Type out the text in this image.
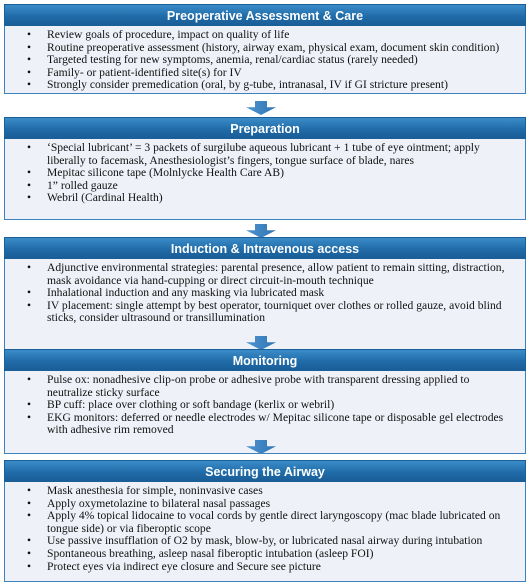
Preoperative Assessment & Care
• Review goals of procedure, impact on quality of life
• Routine preoperative assessment (history, airway exam, physical exam, document skin condition)
• Targeted testing for new symptoms, anemia, renal/cardiac status (rarely needed)
• Family- or patient-identified site(s) for IV
• Strongly consider premedication (oral, by g-tube, intranasal, IV if GI stricture present)
Preparation
• ‘Special lubricant’ = 3 packets of surgilube aqueous lubricant + 1 tube of eye ointment; apply liberally to facemask, Anesthesiologist’s fingers, tongue surface of blade, nares
• Mepitac silicone tape (Molnlycke Health Care AB)
• 1” rolled gauze
• Webril (Cardinal Health)
Induction & Intravenous access
• Adjunctive environmental strategies: parental presence, allow patient to remain sitting, distraction, mask avoidance via hand-cupping or direct circuit-in-mouth technique
• Inhalational induction and any masking via lubricated mask
• IV placement: single attempt by best operator, tourniquet over clothes or rolled gauze, avoid blind sticks, consider ultrasound or transillumination
Monitoring
• Pulse ox: nonadhesive clip-on probe or adhesive probe with transparent dressing applied to neutralize sticky surface
• BP cuff: place over clothing or soft bandage (kerlix or webril)
• EKG monitors: deferred or needle electrodes w/ Mepitac silicone tape or disposable gel electrodes with adhesive rim removed
Securing the Airway
• Mask anesthesia for simple, noninvasive cases
• Apply oxymetolazine to bilateral nasal passages
• Apply 4% topical lidocaine to vocal cords by gentle direct laryngoscopy (mac blade lubricated on tongue side) or via fiberoptic scope
• Use passive insufflation of O2 by mask, blow-by, or lubricated nasal airway during intubation
• Spontaneous breathing, asleep nasal fiberoptic intubation (asleep FOI)
• Protect eyes via indirect eye closure and Secure see picture
